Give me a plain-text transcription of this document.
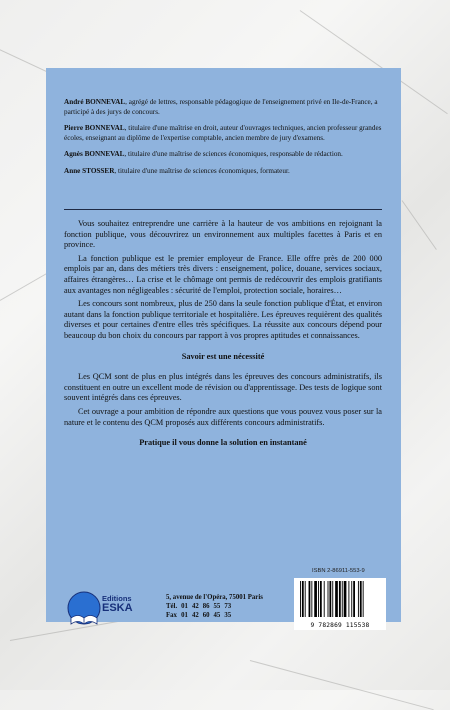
André BONNEVAL, agrégé de lettres, responsable pédagogique de l'enseignement privé en Ile-de-France, a participé à des jurys de concours.

Pierre BONNEVAL, titulaire d'une maîtrise en droit, auteur d'ouvrages techniques, ancien professeur grandes écoles, enseignant au diplôme de l'expertise comptable, ancien membre de jury d'examens.

Agnès BONNEVAL, titulaire d'une maîtrise de sciences économiques, responsable de rédaction.

Anne STOSSER, titulaire d'une maîtrise de sciences économiques, formateur.

Vous souhaitez entreprendre une carrière à la hauteur de vos ambitions en rejoignant la fonction publique, vous découvrirez un environnement aux multiples facettes à Paris et en province.

La fonction publique est le premier employeur de France. Elle offre près de 200 000 emplois par an, dans des métiers très divers : enseignement, police, douane, services sociaux, affaires étrangères… La crise et le chômage ont permis de redécouvrir des emplois gratifiants aux avantages non négligeables : sécurité de l'emploi, protection sociale, horaires…

Les concours sont nombreux, plus de 250 dans la seule fonction publique d'État, et environ autant dans la fonction publique territoriale et hospitalière. Les épreuves requièrent des qualités diverses et pour certaines d'entre elles très spécifiques. La réussite aux concours dépend pour beaucoup du bon choix du concours par rapport à vos propres aptitudes et connaissances.

Savoir est une nécessité

Les QCM sont de plus en plus intégrés dans les épreuves des concours administratifs, ils constituent en outre un excellent mode de révision ou d'apprentissage. Des tests de logique sont souvent intégrés dans ces épreuves.

Cet ouvrage a pour ambition de répondre aux questions que vous pouvez vous poser sur la nature et le contenu des QCM proposés aux différents concours administratifs.

Pratique il vous donne la solution en instantané

ISBN 2-86911-553-9
Editions
ESKA
5, avenue de l'Opéra, 75001 Paris
Tél.	01	42	86	55	73
Fax	01	42	60	45	35
9 782869 115538
